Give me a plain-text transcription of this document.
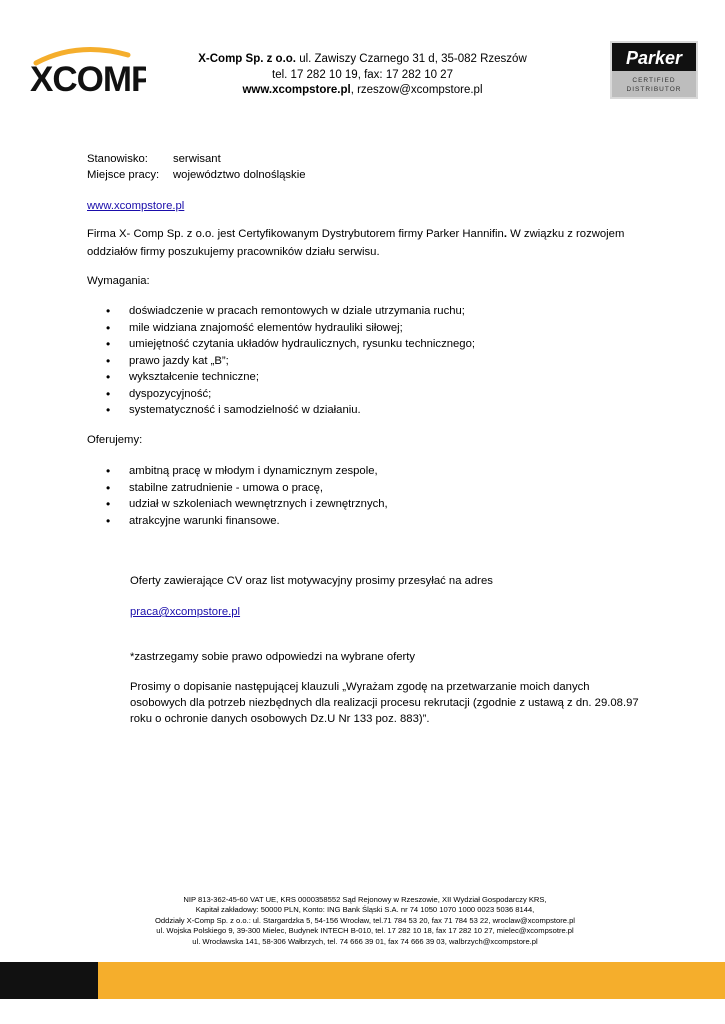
XCOMP
X-Comp Sp. z o.o. ul. Zawiszy Czarnego 31 d, 35-082 Rzeszów
tel. 17 282 10 19, fax: 17 282 10 27
www.xcompstore.pl, rzeszow@xcompstore.pl
Parker
CERTIFIED
DISTRIBUTOR
Stanowisko: serwisant
Miejsce pracy: województwo dolnośląskie
www.xcompstore.pl
Firma X- Comp Sp. z o.o. jest Certyfikowanym Dystrybutorem firmy Parker Hannifin. W związku z rozwojem
oddziałów firmy poszukujemy pracowników działu serwisu.
Wymagania:
• doświadczenie w pracach remontowych w dziale utrzymania ruchu;
• mile widziana znajomość elementów hydrauliki siłowej;
• umiejętność czytania układów hydraulicznych, rysunku technicznego;
• prawo jazdy kat „B”;
• wykształcenie techniczne;
• dyspozycyjność;
• systematyczność i samodzielność w działaniu.
Oferujemy:
• ambitną pracę w młodym i dynamicznym zespole,
• stabilne zatrudnienie - umowa o pracę,
• udział w szkoleniach wewnętrznych i zewnętrznych,
• atrakcyjne warunki finansowe.
Oferty zawierające CV oraz list motywacyjny prosimy przesyłać na adres
praca@xcompstore.pl
*zastrzegamy sobie prawo odpowiedzi na wybrane oferty
Prosimy o dopisanie następującej klauzuli „Wyrażam zgodę na przetwarzanie moich danych
osobowych dla potrzeb niezbędnych dla realizacji procesu rekrutacji (zgodnie z ustawą z dn. 29.08.97
roku o ochronie danych osobowych Dz.U Nr 133 poz. 883)”.
NIP 813-362-45-60 VAT UE, KRS 0000358552 Sąd Rejonowy w Rzeszowie, XII Wydział Gospodarczy KRS,
Kapitał zakładowy: 50000 PLN, Konto: ING Bank Śląski S.A. nr 74 1050 1070 1000 0023 5036 8144,
Oddziały X-Comp Sp. z o.o.: ul. Stargardzka 5, 54-156 Wrocław, tel.71 784 53 20, fax 71 784 53 22, wroclaw@xcompstore.pl
ul. Wojska Polskiego 9, 39-300 Mielec, Budynek INTECH B-010, tel. 17 282 10 18, fax 17 282 10 27, mielec@xcompsotre.pl
ul. Wrocławska 141, 58-306 Wałbrzych, tel. 74 666 39 01, fax 74 666 39 03, walbrzych@xcompstore.pl
